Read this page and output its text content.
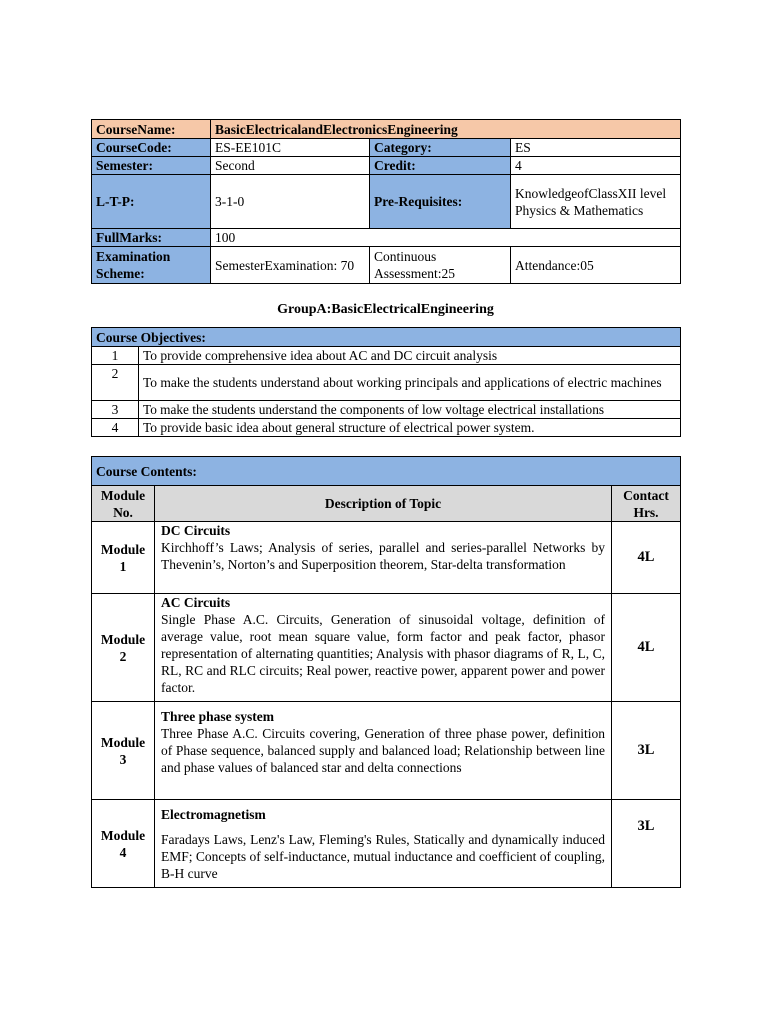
CourseName:	BasicElectricalandElectronicsEngineering		
CourseCode:	ES-EE101C	Category:	ES
Semester:	Second	Credit:	4
L-T-P:	3-1-0	Pre-Requisites:	KnowledgeofClassXII level Physics & Mathematics
FullMarks:	100		
Examination Scheme:	SemesterExamination: 70	Continuous Assessment:25	Attendance:05
GroupA:BasicElectricalEngineering
Course Objectives:	
1	To provide comprehensive idea about AC and DC circuit analysis
2	To make the students understand about working principals and applications of electric machines
3	To make the students understand the components of low voltage electrical installations
4	To provide basic idea about general structure of electrical power system.
Course Contents:		
Module No.	Description of Topic	Contact Hrs.
Module 1	DC Circuits
Kirchhoff’s Laws; Analysis of series, parallel and series-parallel Networks by Thevenin’s, Norton’s and Superposition theorem, Star-delta transformation	4L
Module 2	AC Circuits
Single Phase A.C. Circuits, Generation of sinusoidal voltage, definition of average value, root mean square value, form factor and peak factor, phasor representation of alternating quantities; Analysis with phasor diagrams of R, L, C, RL, RC and RLC circuits; Real power, reactive power, apparent power and power factor.	4L
Module 3	Three phase system
Three Phase A.C. Circuits covering, Generation of three phase power, definition of Phase sequence, balanced supply and balanced load; Relationship between line and phase values of balanced star and delta connections	3L
Module 4	Electromagnetism
Faradays Laws, Lenz's Law, Fleming's Rules, Statically and dynamically induced EMF; Concepts of self-inductance, mutual inductance and coefficient of coupling, B-H curve	3L
